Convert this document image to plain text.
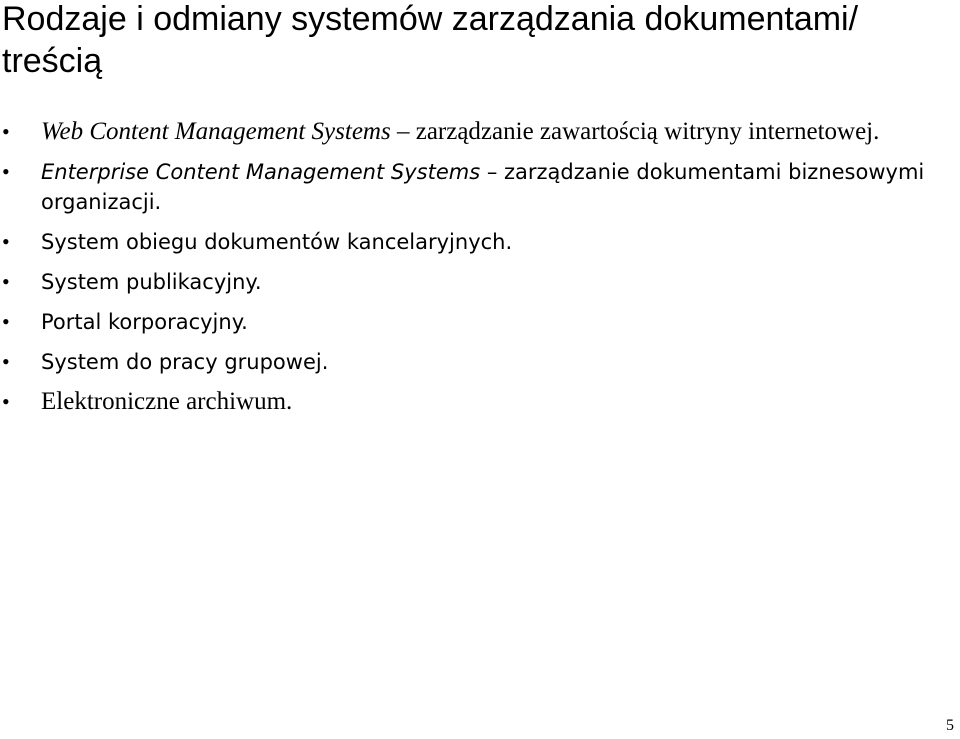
Rodzaje i odmiany systemów zarządzania dokumentami/ treścią
• Web Content Management Systems – zarządzanie zawartością witryny internetowej.
• Enterprise Content Management Systems – zarządzanie dokumentami biznesowymi organizacji.
• System obiegu dokumentów kancelaryjnych.
• System publikacyjny.
• Portal korporacyjny.
• System do pracy grupowej.
• Elektroniczne archiwum.
5
